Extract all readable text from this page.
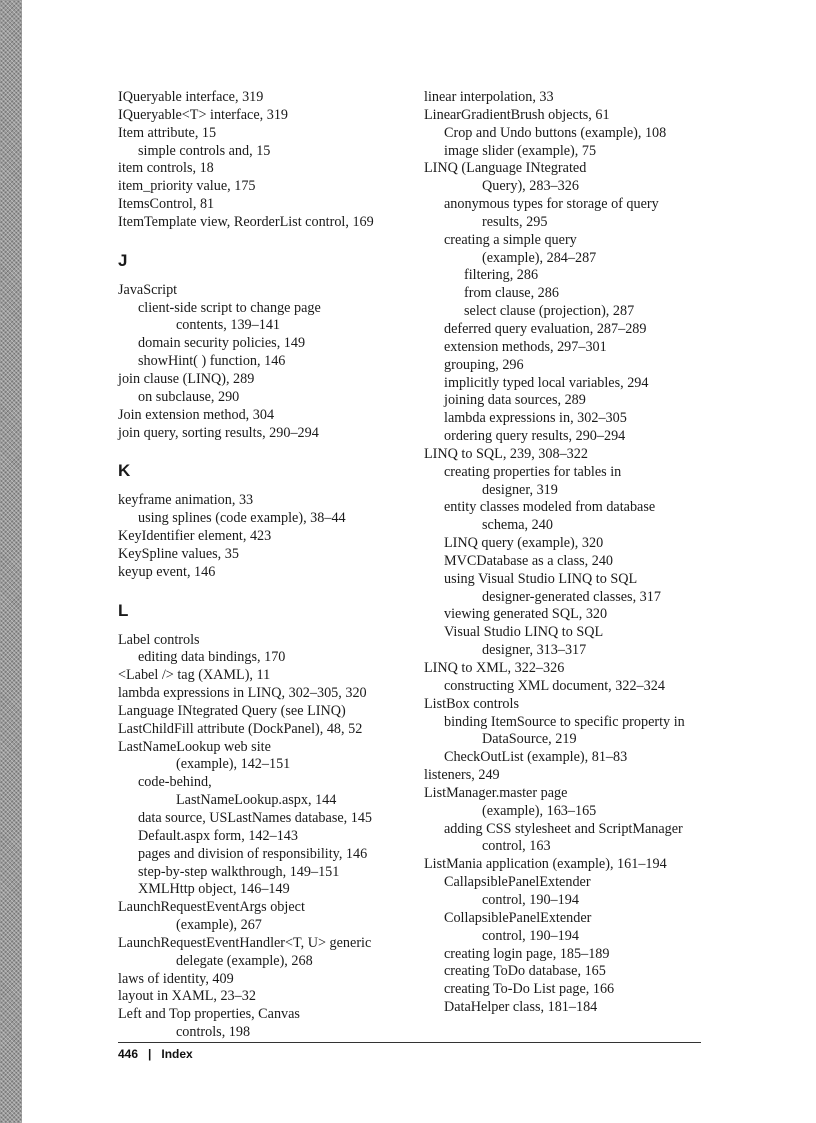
IQueryable interface, 319
IQueryable<T> interface, 319
Item attribute, 15
simple controls and, 15
item controls, 18
item_priority value, 175
ItemsControl, 81
ItemTemplate view, ReorderList control, 169
J
JavaScript
client-side script to change page
contents, 139–141
domain security policies, 149
showHint( ) function, 146
join clause (LINQ), 289
on subclause, 290
Join extension method, 304
join query, sorting results, 290–294
K
keyframe animation, 33
using splines (code example), 38–44
KeyIdentifier element, 423
KeySpline values, 35
keyup event, 146
L
Label controls
editing data bindings, 170
<Label /> tag (XAML), 11
lambda expressions in LINQ, 302–305, 320
Language INtegrated Query (see LINQ)
LastChildFill attribute (DockPanel), 48, 52
LastNameLookup web site
(example), 142–151
code-behind,
LastNameLookup.aspx, 144
data source, USLastNames database, 145
Default.aspx form, 142–143
pages and division of responsibility, 146
step-by-step walkthrough, 149–151
XMLHttp object, 146–149
LaunchRequestEventArgs object
(example), 267
LaunchRequestEventHandler<T, U> generic
delegate (example), 268
laws of identity, 409
layout in XAML, 23–32
Left and Top properties, Canvas
controls, 198
linear interpolation, 33
LinearGradientBrush objects, 61
Crop and Undo buttons (example), 108
image slider (example), 75
LINQ (Language INtegrated
Query), 283–326
anonymous types for storage of query
results, 295
creating a simple query
(example), 284–287
filtering, 286
from clause, 286
select clause (projection), 287
deferred query evaluation, 287–289
extension methods, 297–301
grouping, 296
implicitly typed local variables, 294
joining data sources, 289
lambda expressions in, 302–305
ordering query results, 290–294
LINQ to SQL, 239, 308–322
creating properties for tables in
designer, 319
entity classes modeled from database
schema, 240
LINQ query (example), 320
MVCDatabase as a class, 240
using Visual Studio LINQ to SQL
designer-generated classes, 317
viewing generated SQL, 320
Visual Studio LINQ to SQL
designer, 313–317
LINQ to XML, 322–326
constructing XML document, 322–324
ListBox controls
binding ItemSource to specific property in
DataSource, 219
CheckOutList (example), 81–83
listeners, 249
ListManager.master page
(example), 163–165
adding CSS stylesheet and ScriptManager
control, 163
ListMania application (example), 161–194
CallapsiblePanelExtender
control, 190–194
CollapsiblePanelExtender
control, 190–194
creating login page, 185–189
creating ToDo database, 165
creating To-Do List page, 166
DataHelper class, 181–184
446 | Index
